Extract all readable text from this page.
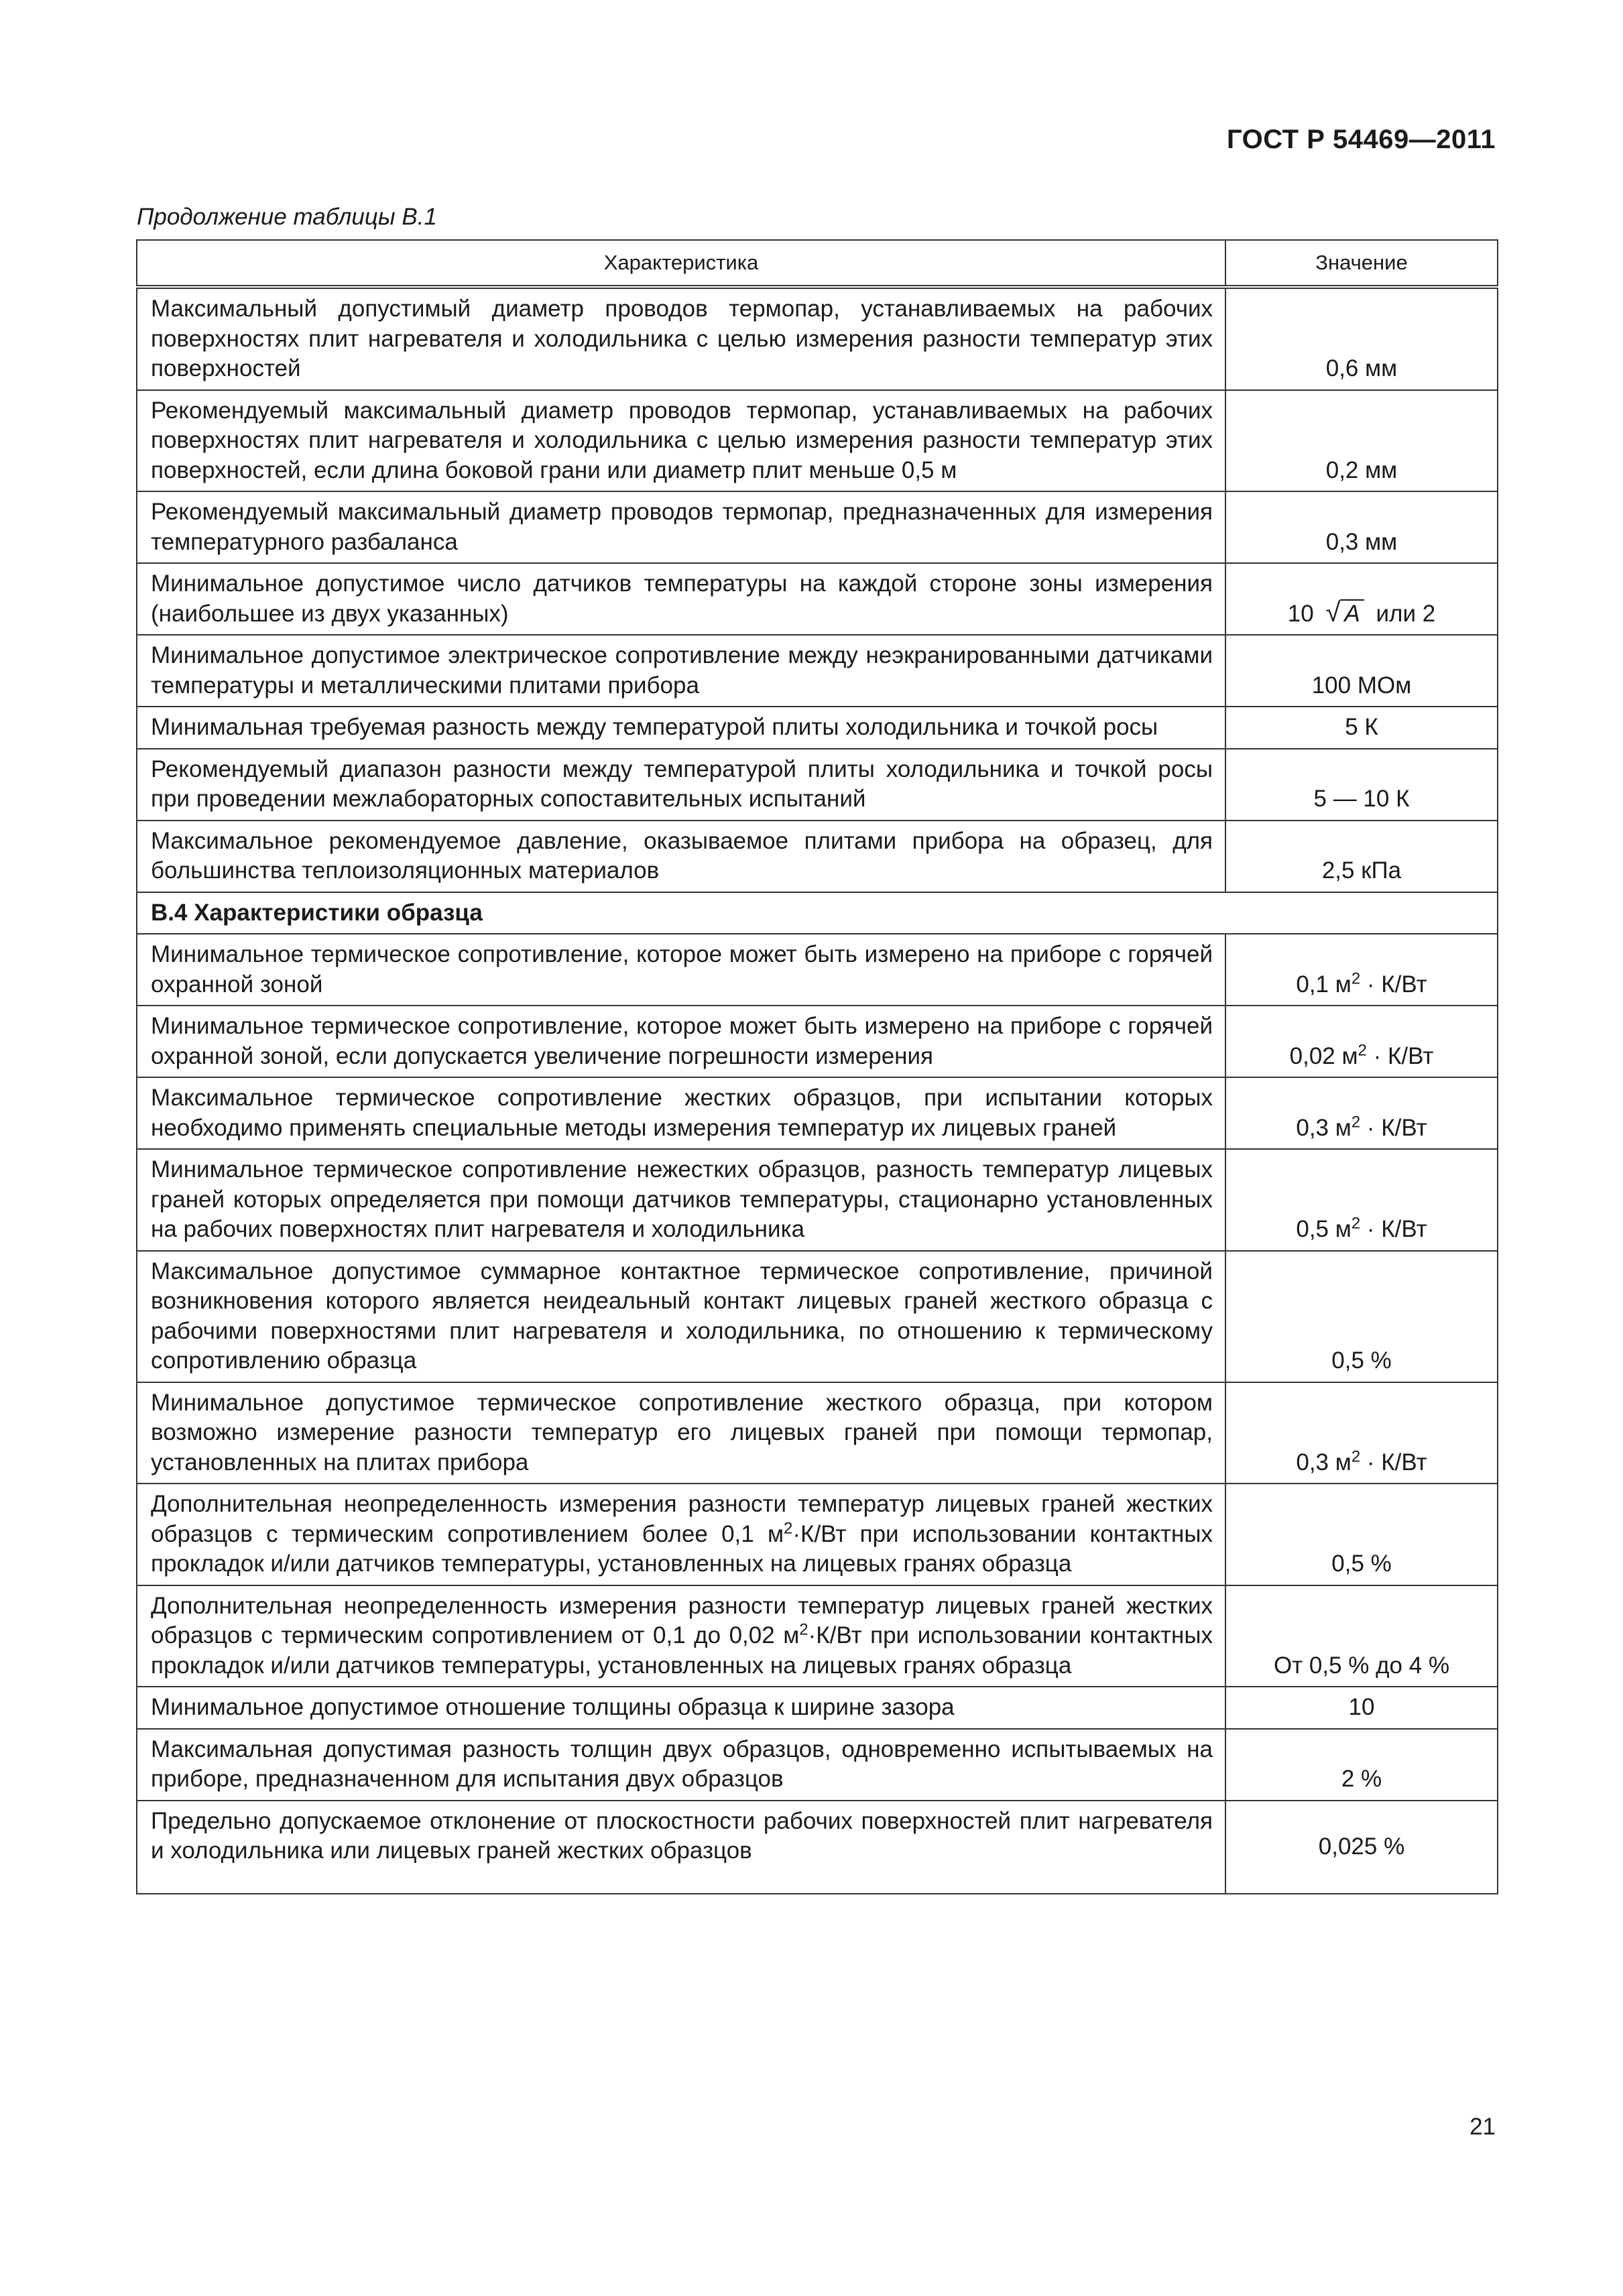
ГОСТ Р 54469—2011
Продолжение таблицы В.1
Характеристика	Значение
Максимальный допустимый диаметр проводов термопар, устанавливаемых на рабочих поверхностях плит нагревателя и холодильника с целью измерения разности температур этих поверхностей	0,6 мм
Рекомендуемый максимальный диаметр проводов термопар, устанавливаемых на рабочих поверхностях плит нагревателя и холодильника с целью измерения разности температур этих поверхностей, если длина боковой грани или диаметр плит меньше 0,5 м	0,2 мм
Рекомендуемый максимальный диаметр проводов термопар, предназначенных для измерения температурного разбаланса	0,3 мм
Минимальное допустимое число датчиков температуры на каждой стороне зоны измерения (наибольшее из двух указанных)	10 √ A или 2
Минимальное допустимое электрическое сопротивление между неэкранированными датчиками температуры и металлическими плитами прибора	100 МОм
Минимальная требуемая разность между температурой плиты холодильника и точкой росы	5 К
Рекомендуемый диапазон разности между температурой плиты холодильника и точкой росы при проведении межлабораторных сопоставительных испытаний	5 — 10 К
Максимальное рекомендуемое давление, оказываемое плитами прибора на образец, для большинства теплоизоляционных материалов	2,5 кПа
В.4 Характеристики образца	
Минимальное термическое сопротивление, которое может быть измерено на приборе с горячей охранной зоной	0,1 $м^2 \cdot К/Вт$
Минимальное термическое сопротивление, которое может быть измерено на приборе с горячей охранной зоной, если допускается увеличение погрешности измерения	0,02 $м^2 \cdot К/Вт$
Максимальное термическое сопротивление жестких образцов, при испытании которых необходимо применять специальные методы измерения температур их лицевых граней	0,3 $м^2 \cdot К/Вт$
Минимальное термическое сопротивление нежестких образцов, разность температур лицевых граней которых определяется при помощи датчиков температуры, стационарно установленных на рабочих поверхностях плит нагревателя и холодильника	0,5 $м^2 \cdot К/Вт$
Максимальное допустимое суммарное контактное термическое сопротивление, причиной возникновения которого является неидеальный контакт лицевых граней жесткого образца с рабочими поверхностями плит нагревателя и холодильника, по отношению к термическому сопротивлению образца	0,5 %
Минимальное допустимое термическое сопротивление жесткого образца, при котором возможно измерение разности температур его лицевых граней при помощи термопар, установленных на плитах прибора	0,3 $м^2 \cdot К/Вт$
Дополнительная неопределенность измерения разности температур лицевых граней жестких образцов с термическим сопротивлением более 0,1 $м^2\cdot К/Вт$ при использовании контактных прокладок и/или датчиков температуры, установленных на лицевых гранях образца	0,5 %
Дополнительная неопределенность измерения разности температур лицевых граней жестких образцов с термическим сопротивлением от 0,1 до 0,02 $м^2\cdot К/Вт$ при использовании контактных прокладок и/или датчиков температуры, установленных на лицевых гранях образца	От 0,5 % до 4 %
Минимальное допустимое отношение толщины образца к ширине зазора	10
Максимальная допустимая разность толщин двух образцов, одновременно испытываемых на приборе, предназначенном для испытания двух образцов	2 %
Предельно допускаемое отклонение от плоскостности рабочих поверхностей плит нагревателя и холодильника или лицевых граней жестких образцов	0,025 %
21
